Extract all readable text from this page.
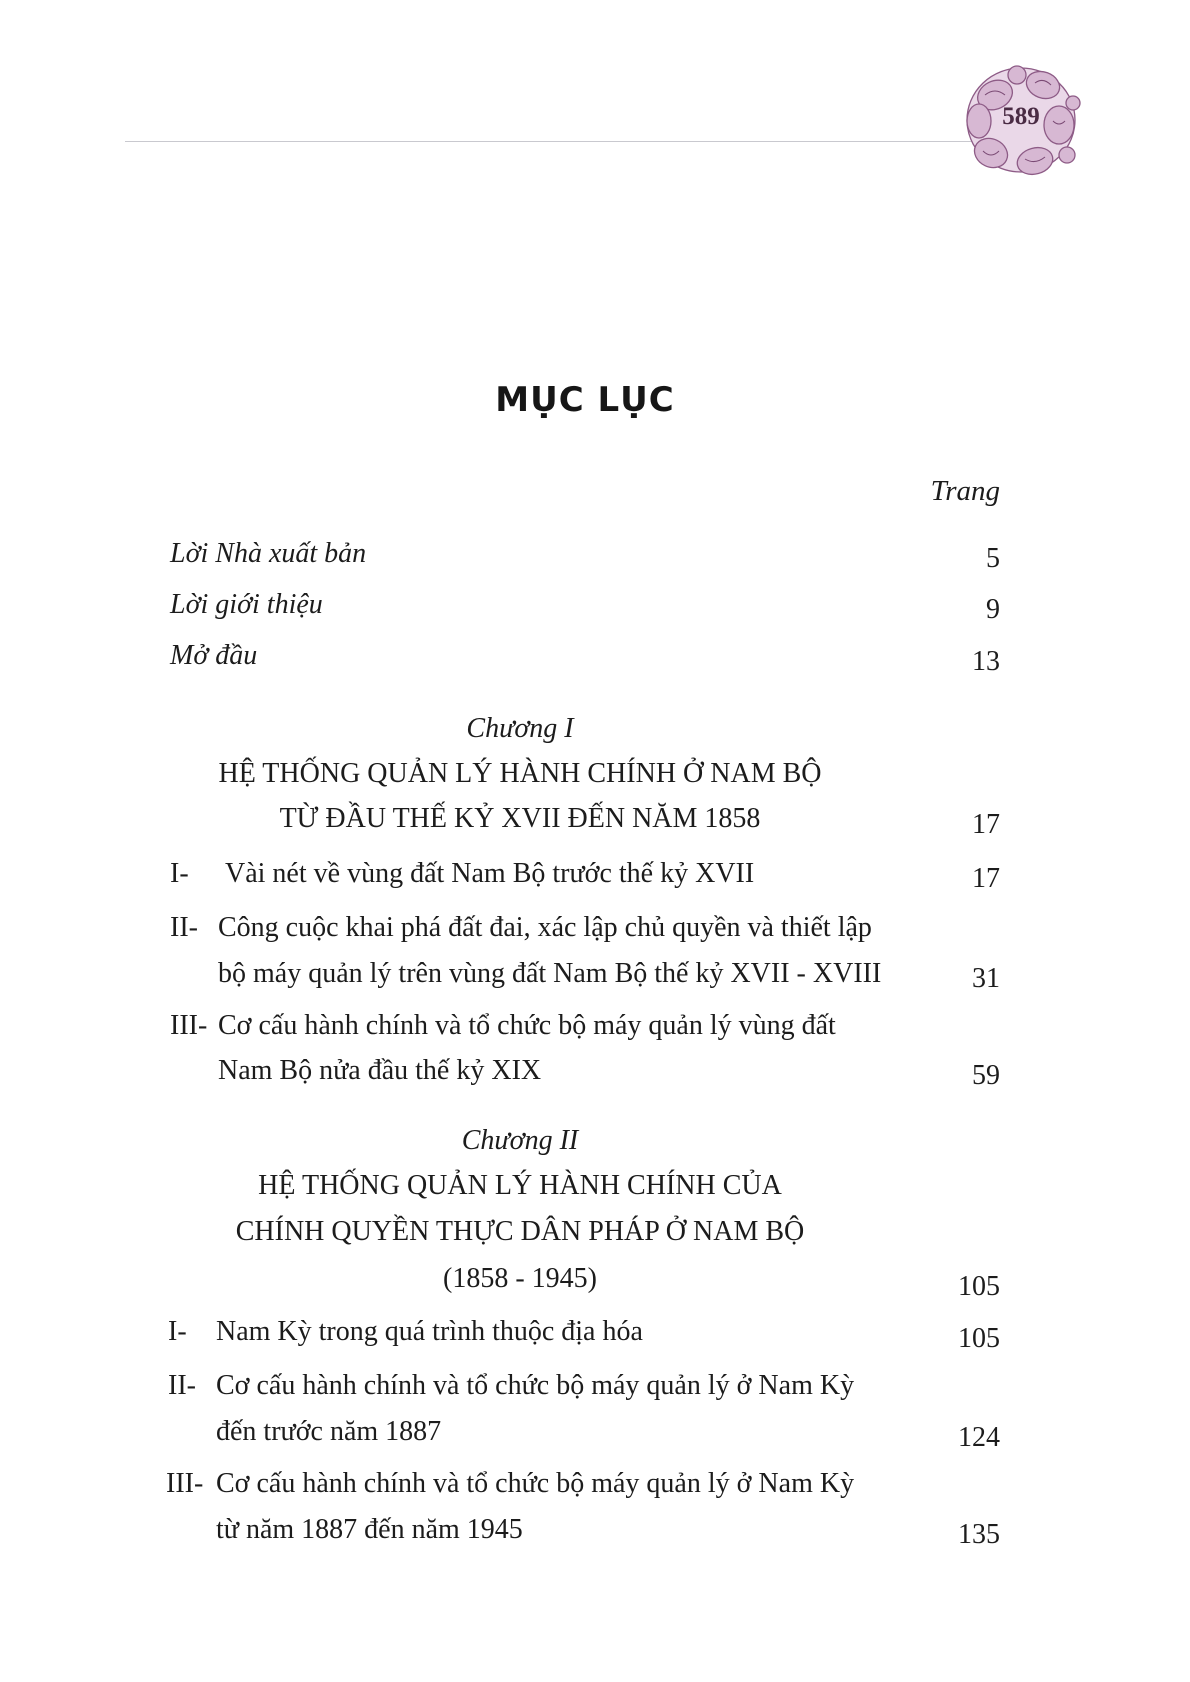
589
MỤC LỤC
Trang
Lời Nhà xuất bản	5
Lời giới thiệu	9
Mở đầu	13
Chương I
HỆ THỐNG QUẢN LÝ HÀNH CHÍNH Ở NAM BỘ
TỪ ĐẦU THẾ KỶ XVII ĐẾN NĂM 1858	17
I- Vài nét về vùng đất Nam Bộ trước thế kỷ XVII	17
II- Công cuộc khai phá đất đai, xác lập chủ quyền và thiết lập
bộ máy quản lý trên vùng đất Nam Bộ thế kỷ XVII - XVIII	31
III- Cơ cấu hành chính và tổ chức bộ máy quản lý vùng đất
Nam Bộ nửa đầu thế kỷ XIX	59
Chương II
HỆ THỐNG QUẢN LÝ HÀNH CHÍNH CỦA
CHÍNH QUYỀN THỰC DÂN PHÁP Ở NAM BỘ
(1858 - 1945)	105
I- Nam Kỳ trong quá trình thuộc địa hóa	105
II- Cơ cấu hành chính và tổ chức bộ máy quản lý ở Nam Kỳ
đến trước năm 1887	124
III- Cơ cấu hành chính và tổ chức bộ máy quản lý ở Nam Kỳ
từ năm 1887 đến năm 1945	135
